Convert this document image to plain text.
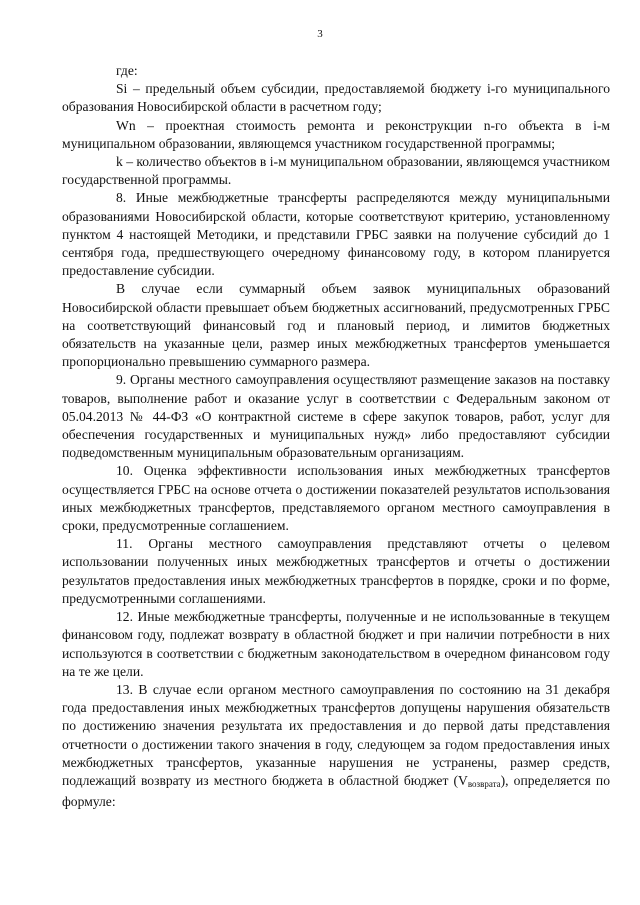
3

где:

Si – предельный объем субсидии, предоставляемой бюджету i-го муниципального образования Новосибирской области в расчетном году;

Wn – проектная стоимость ремонта и реконструкции n-го объекта в i-м муниципальном образовании, являющемся участником государственной программы;

k – количество объектов в i-м муниципальном образовании, являющемся участником государственной программы.

8. Иные межбюджетные трансферты распределяются между муниципальными образованиями Новосибирской области, которые соответствуют критерию, установленному пунктом 4 настоящей Методики, и представили ГРБС заявки на получение субсидий до 1 сентября года, предшествующего очередному финансовому году, в котором планируется предоставление субсидии.

В случае если суммарный объем заявок муниципальных образований Новосибирской области превышает объем бюджетных ассигнований, предусмотренных ГРБС на соответствующий финансовый год и плановый период, и лимитов бюджетных обязательств на указанные цели, размер иных межбюджетных трансфертов уменьшается пропорционально превышению суммарного размера.

9. Органы местного самоуправления осуществляют размещение заказов на поставку товаров, выполнение работ и оказание услуг в соответствии с Федеральным законом от 05.04.2013 № 44-ФЗ «О контрактной системе в сфере закупок товаров, работ, услуг для обеспечения государственных и муниципальных нужд» либо предоставляют субсидии подведомственным муниципальным образовательным организациям.

10. Оценка эффективности использования иных межбюджетных трансфертов осуществляется ГРБС на основе отчета о достижении показателей результатов использования иных межбюджетных трансфертов, представляемого органом местного самоуправления в сроки, предусмотренные соглашением.

11. Органы местного самоуправления представляют отчеты о целевом использовании полученных иных межбюджетных трансфертов и отчеты о достижении результатов предоставления иных межбюджетных трансфертов в порядке, сроки и по форме, предусмотренными соглашениями.

12. Иные межбюджетные трансферты, полученные и не использованные в текущем финансовом году, подлежат возврату в областной бюджет и при наличии потребности в них используются в соответствии с бюджетным законодательством в очередном финансовом году на те же цели.

13. В случае если органом местного самоуправления по состоянию на 31 декабря года предоставления иных межбюджетных трансфертов допущены нарушения обязательств по достижению значения результата их предоставления и до первой даты представления отчетности о достижении такого значения в году, следующем за годом предоставления иных межбюджетных трансфертов, указанные нарушения не устранены, размер средств, подлежащий возврату из местного бюджета в областной бюджет $(V_{возврата})$, определяется по формуле:
